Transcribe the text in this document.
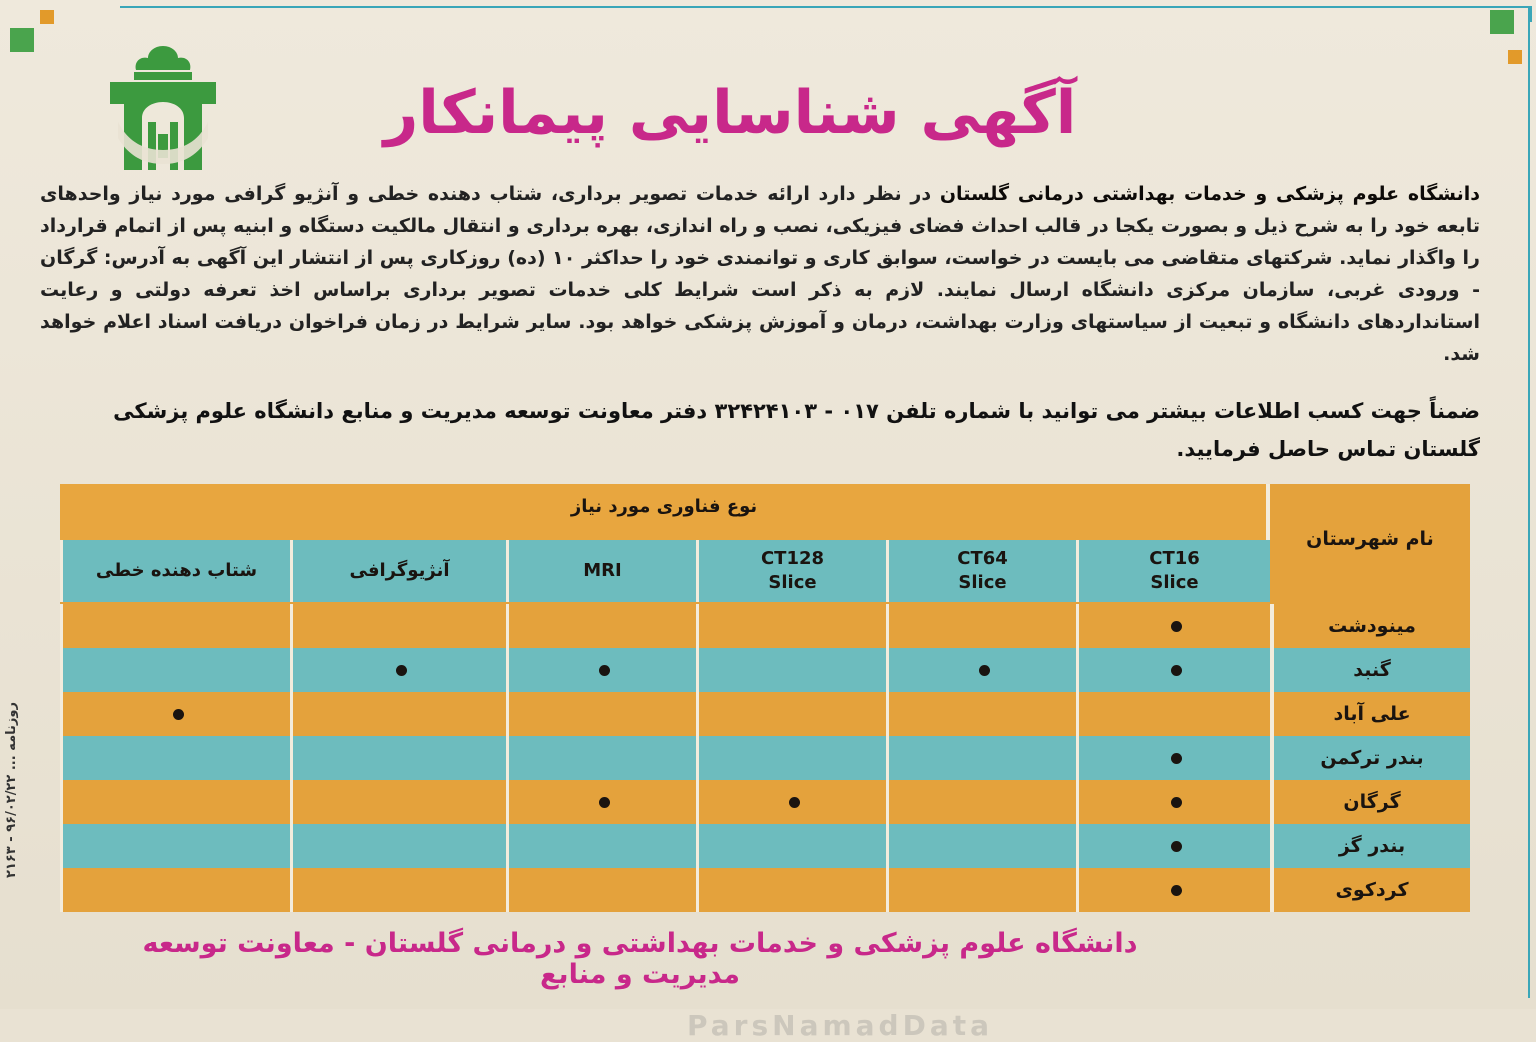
روزنامه ... ۹۶/۰۲/۲۲ - ۲۱۶۳
آگهی شناسایی پیمانکار
دانشگاه علوم پزشکی و خدمات بهداشتی درمانی گلستان در نظر دارد ارائه خدمات تصویر برداری، شتاب دهنده خطی و آنژیو گرافی مورد نیاز واحدهای تابعه خود را به شرح ذیل و بصورت یکجا در قالب احداث فضای فیزیکی، نصب و راه اندازی، بهره برداری و انتقال مالکیت دستگاه و ابنیه پس از اتمام قرارداد را واگذار نماید. شرکتهای متقاضی می بایست در خواست، سوابق کاری و توانمندی خود را حداکثر ۱۰ (ده) روزکاری پس از انتشار این آگهی به آدرس: گرگان - ورودی غربی، سازمان مرکزی دانشگاه ارسال نمایند. لازم به ذکر است شرایط کلی خدمات تصویر برداری براساس اخذ تعرفه دولتی و رعایت استانداردهای دانشگاه و تبعیت از سیاستهای وزارت بهداشت، درمان و آموزش پزشکی خواهد بود. سایر شرایط در زمان فراخوان دریافت اسناد اعلام خواهد شد.
ضمناً جهت کسب اطلاعات بیشتر می توانید با شماره تلفن ۰۱۷ - ۳۲۴۲۴۱۰۳ دفتر معاونت توسعه مدیریت و منابع دانشگاه علوم پزشکی گلستان تماس حاصل فرمایید.
نوع فناوری مورد نیاز
نام شهرستان
CT16
Slice
CT64
Slice
CT128
Slice
MRI
آنژیوگرافی
شتاب دهنده خطی
مینودشت
گنبد
علی آباد
بندر ترکمن
گرگان
بندر گز
کردکوی
ParsNamadData
دانشگاه علوم پزشکی و خدمات بهداشتی و درمانی گلستان - معاونت توسعه مدیریت و منابع
